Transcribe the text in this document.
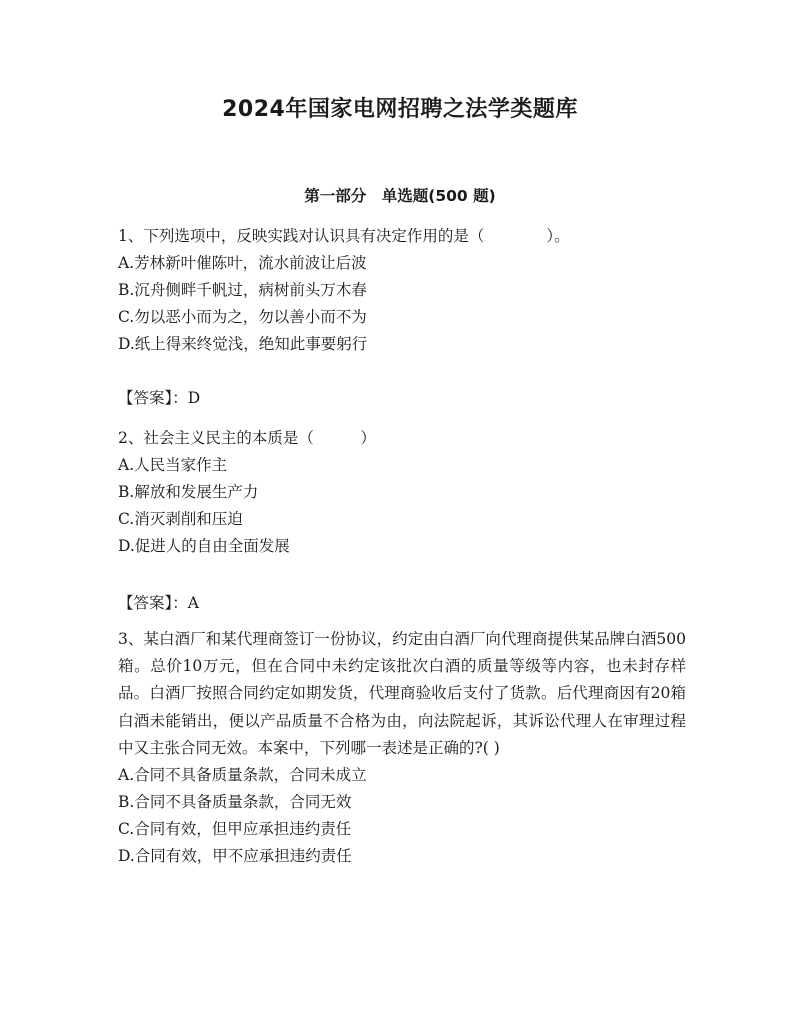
2024年国家电网招聘之法学类题库
第一部分　单选题(500 题)
1、下列选项中，反映实践对认识具有决定作用的是（　　　　）。
A.芳林新叶催陈叶，流水前波让后波
B.沉舟侧畔千帆过，病树前头万木春
C.勿以恶小而为之，勿以善小而不为
D.纸上得来终觉浅，绝知此事要躬行
【答案】：D
2、社会主义民主的本质是（　　　）
A.人民当家作主
B.解放和发展生产力
C.消灭剥削和压迫
D.促进人的自由全面发展
【答案】：A
3、某白酒厂和某代理商签订一份协议，约定由白酒厂向代理商提供某品牌白酒500箱。总价10万元，但在合同中未约定该批次白酒的质量等级等内容，也未封存样品。白酒厂按照合同约定如期发货，代理商验收后支付了货款。后代理商因有20箱白酒未能销出，便以产品质量不合格为由，向法院起诉，其诉讼代理人在审理过程中又主张合同无效。本案中，下列哪一表述是正确的?( )
A.合同不具备质量条款，合同未成立
B.合同不具备质量条款，合同无效
C.合同有效，但甲应承担违约责任
D.合同有效，甲不应承担违约责任
